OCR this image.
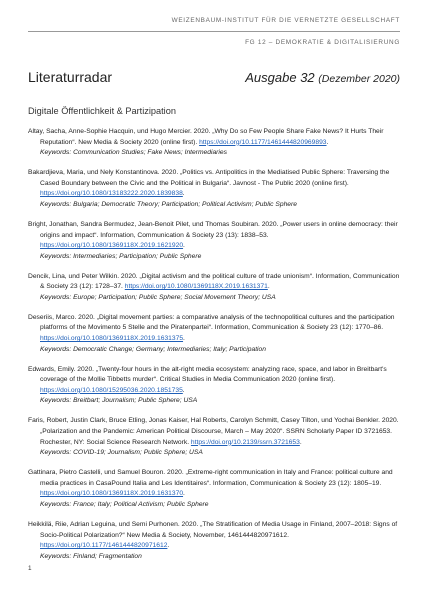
WEIZENBAUM-INSTITUT FÜR DIE VERNETZTE GESELLSCHAFT
FG 12 – DEMOKRATIE & DIGITALISIERUNG
Literaturradar	Ausgabe 32 (Dezember 2020)
Digitale Öffentlichkeit & Partizipation
Altay, Sacha, Anne-Sophie Hacquin, und Hugo Mercier. 2020. „Why Do so Few People Share Fake News? It Hurts Their Reputation“. New Media & Society 2020 (online first). https://doi.org/10.1177/1461444820969893.
Keywords: Communication Studies; Fake News; Intermediaries
Bakardjieva, Maria, und Nely Konstantinova. 2020. „Politics vs. Antipolitics in the Mediatised Public Sphere: Traversing the Cased Boundary between the Civic and the Political in Bulgaria“. Javnost - The Public 2020 (online first). https://doi.org/10.1080/13183222.2020.1839838.
Keywords: Bulgaria; Democratic Theory; Participation; Political Activism; Public Sphere
Bright, Jonathan, Sandra Bermudez, Jean-Benoit Pilet, und Thomas Soubiran. 2020. „Power users in online democracy: their origins and impact“. Information, Communication & Society 23 (13): 1838–53. https://doi.org/10.1080/1369118X.2019.1621920.
Keywords: Intermediaries; Participation; Public Sphere
Dencik, Lina, und Peter Wilkin. 2020. „Digital activism and the political culture of trade unionism“. Information, Communication & Society 23 (12): 1728–37. https://doi.org/10.1080/1369118X.2019.1631371.
Keywords: Europe; Participation; Public Sphere; Social Movement Theory; USA
Deseriis, Marco. 2020. „Digital movement parties: a comparative analysis of the technopolitical cultures and the participation platforms of the Movimento 5 Stelle and the Piratenpartei“. Information, Communication & Society 23 (12): 1770–86. https://doi.org/10.1080/1369118X.2019.1631375.
Keywords: Democratic Change; Germany; Intermediaries; Italy; Participation
Edwards, Emily. 2020. „Twenty-four hours in the alt-right media ecosystem: analyzing race, space, and labor in Breitbart's coverage of the Mollie Tibbetts murder“. Critical Studies in Media Communication 2020 (online first). https://doi.org/10.1080/15295036.2020.1851735.
Keywords: Breitbart; Journalism; Public Sphere; USA
Faris, Robert, Justin Clark, Bruce Etling, Jonas Kaiser, Hal Roberts, Carolyn Schmitt, Casey Tilton, und Yochai Benkler. 2020. „Polarization and the Pandemic: American Political Discourse, March – May 2020“. SSRN Scholarly Paper ID 3721653. Rochester, NY: Social Science Research Network. https://doi.org/10.2139/ssrn.3721653.
Keywords: COVID-19; Journalism; Public Sphere; USA
Gattinara, Pietro Castelli, und Samuel Bouron. 2020. „Extreme-right communication in Italy and France: political culture and media practices in CasaPound Italia and Les Identitaires“. Information, Communication & Society 23 (12): 1805–19. https://doi.org/10.1080/1369118X.2019.1631370.
Keywords: France; Italy; Political Activism; Public Sphere
Heikkilä, Riie, Adrian Leguina, und Semi Purhonen. 2020. „The Stratification of Media Usage in Finland, 2007–2018: Signs of Socio-Political Polarization?“ New Media & Society, November, 1461444820971612. https://doi.org/10.1177/1461444820971612.
Keywords: Finland; Fragmentation
1
